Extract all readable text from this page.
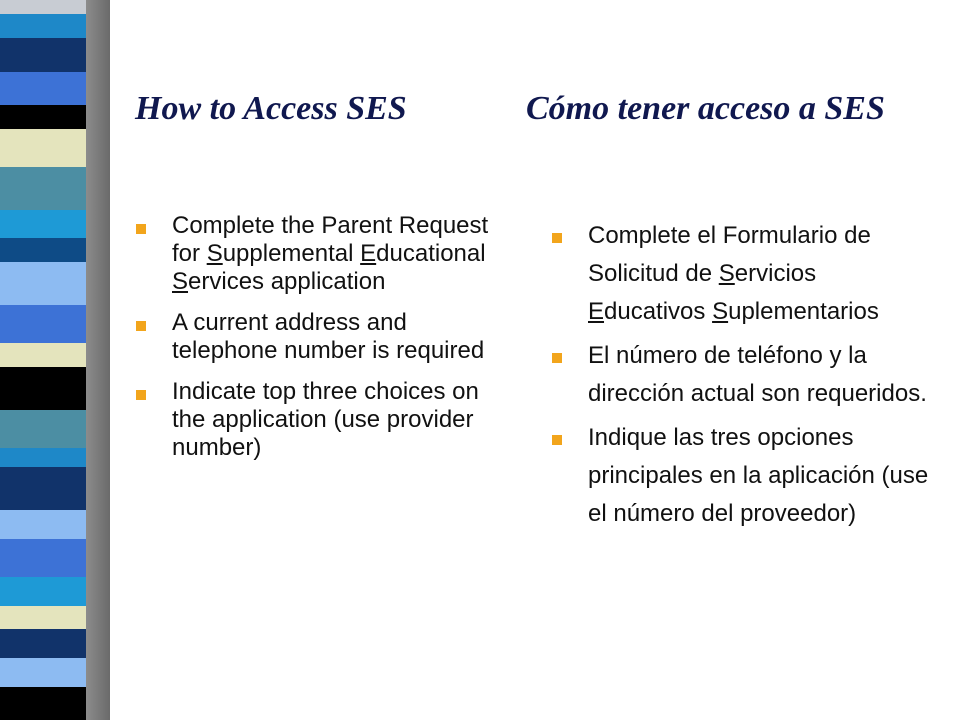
How to Access SES	Cómo tener acceso a SES
Complete the Parent Request for Supplemental Educational Services application
A current address and telephone number is required
Indicate top three choices on the application (use provider number)
Complete el Formulario de Solicitud de Servicios Educativos Suplementarios
El número de teléfono y la dirección actual son requeridos.
Indique las tres opciones principales en la aplicación (use el número del proveedor)
